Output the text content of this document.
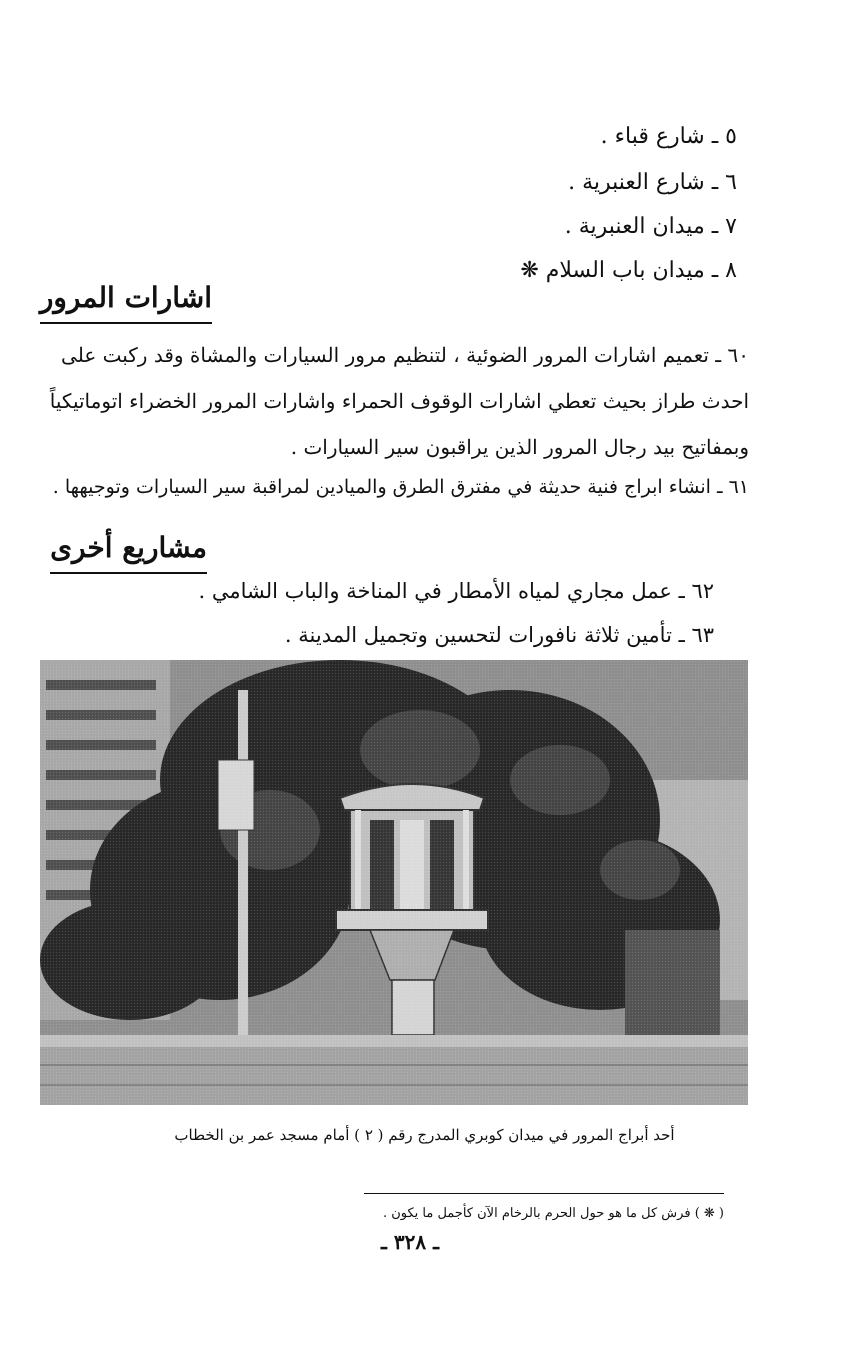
٥ ـ شارع قباء .
٦ ـ شارع العنبرية .
٧ ـ ميدان العنبرية .
٨ ـ ميدان باب السلام ❋
اشارات المرور
٦٠ ـ تعميم اشارات المرور الضوئية ، لتنظيم مرور السيارات والمشاة وقد ركبت على
احدث طراز بحيث تعطي اشارات الوقوف الحمراء واشارات المرور الخضراء اتوماتيكياً
وبمفاتيح بيد رجال المرور الذين يراقبون سير السيارات .
٦١ ـ انشاء ابراج فنية حديثة في مفترق الطرق والميادين لمراقبة سير السيارات وتوجيهها .
مشاريع أخرى
٦٢ ـ عمل مجاري لمياه الأمطار في المناخة والباب الشامي .
٦٣ ـ تأمين ثلاثة نافورات لتحسين وتجميل المدينة .
أحد أبراج المرور في ميدان كوبري المدرج رقم ( ٢ ) أمام مسجد عمر بن الخطاب
( ❋ ) فرش كل ما هو حول الحرم بالرخام الآن كأجمل ما يكون .
ـ ٣٢٨ ـ
